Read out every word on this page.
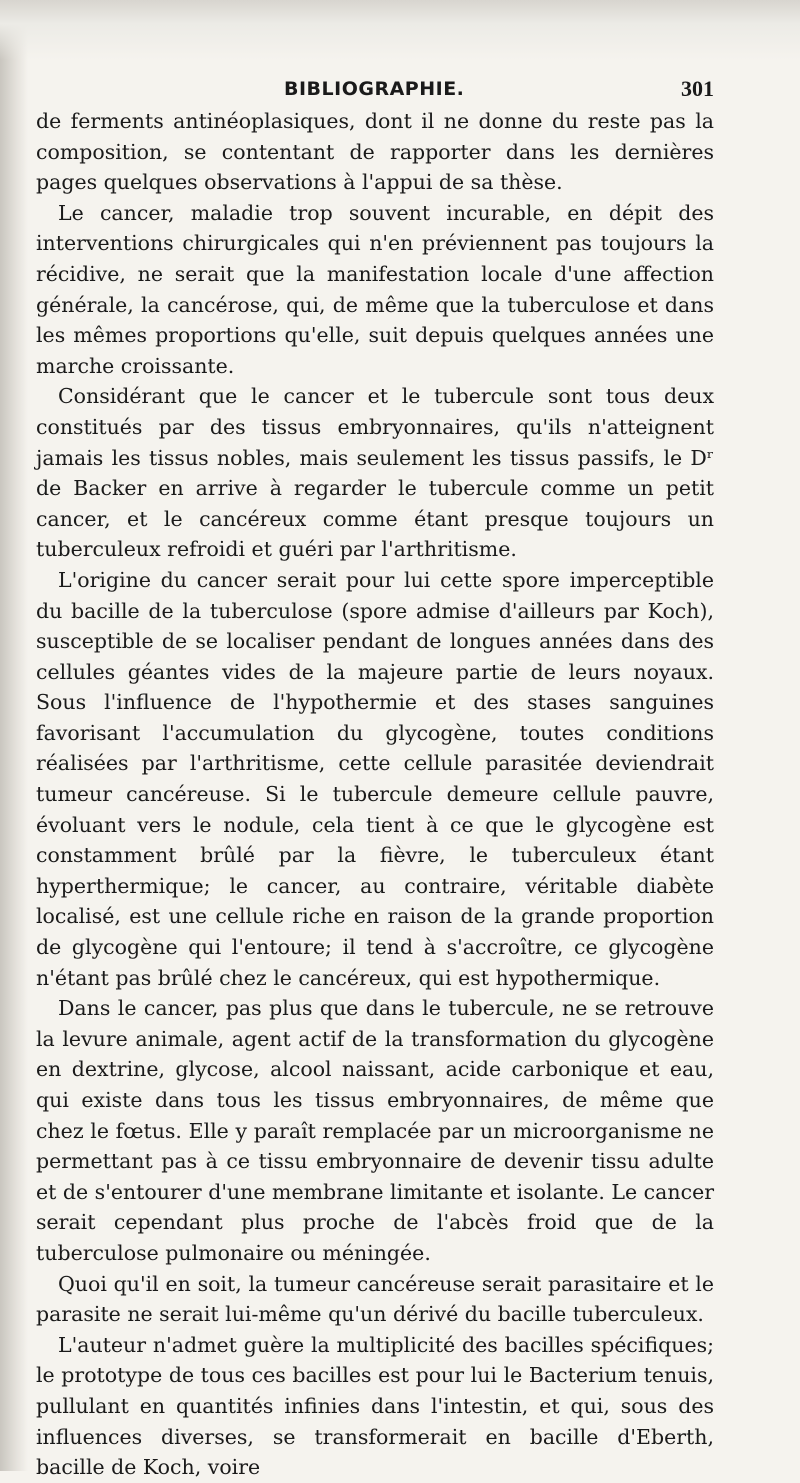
BIBLIOGRAPHIE.	301

de ferments antinéoplasiques, dont il ne donne du reste pas la composition, se contentant de rapporter dans les dernières pages quelques observations à l'appui de sa thèse.

Le cancer, maladie trop souvent incurable, en dépit des interventions chirurgicales qui n'en préviennent pas toujours la récidive, ne serait que la manifestation locale d'une affection générale, la cancérose, qui, de même que la tuberculose et dans les mêmes proportions qu'elle, suit depuis quelques années une marche croissante.

Considérant que le cancer et le tubercule sont tous deux constitués par des tissus embryonnaires, qu'ils n'atteignent jamais les tissus nobles, mais seulement les tissus passifs, le Dʳ de Backer en arrive à regarder le tubercule comme un petit cancer, et le cancéreux comme étant presque toujours un tuberculeux refroidi et guéri par l'arthritisme.

L'origine du cancer serait pour lui cette spore imperceptible du bacille de la tuberculose (spore admise d'ailleurs par Koch), susceptible de se localiser pendant de longues années dans des cellules géantes vides de la majeure partie de leurs noyaux. Sous l'influence de l'hypothermie et des stases sanguines favorisant l'accumulation du glycogène, toutes conditions réalisées par l'arthritisme, cette cellule parasitée deviendrait tumeur cancéreuse. Si le tubercule demeure cellule pauvre, évoluant vers le nodule, cela tient à ce que le glycogène est constamment brûlé par la fièvre, le tuberculeux étant hyperthermique; le cancer, au contraire, véritable diabète localisé, est une cellule riche en raison de la grande proportion de glycogène qui l'entoure; il tend à s'accroître, ce glycogène n'étant pas brûlé chez le cancéreux, qui est hypothermique.

Dans le cancer, pas plus que dans le tubercule, ne se retrouve la levure animale, agent actif de la transformation du glycogène en dextrine, glycose, alcool naissant, acide carbonique et eau, qui existe dans tous les tissus embryonnaires, de même que chez le fœtus. Elle y paraît remplacée par un microorganisme ne permettant pas à ce tissu embryonnaire de devenir tissu adulte et de s'entourer d'une membrane limitante et isolante. Le cancer serait cependant plus proche de l'abcès froid que de la tuberculose pulmonaire ou méningée.

Quoi qu'il en soit, la tumeur cancéreuse serait parasitaire et le parasite ne serait lui-même qu'un dérivé du bacille tuberculeux.

L'auteur n'admet guère la multiplicité des bacilles spécifiques; le prototype de tous ces bacilles est pour lui le Bacterium tenuis, pullulant en quantités infinies dans l'intestin, et qui, sous des influences diverses, se transformerait en bacille d'Eberth, bacille de Koch, voire
